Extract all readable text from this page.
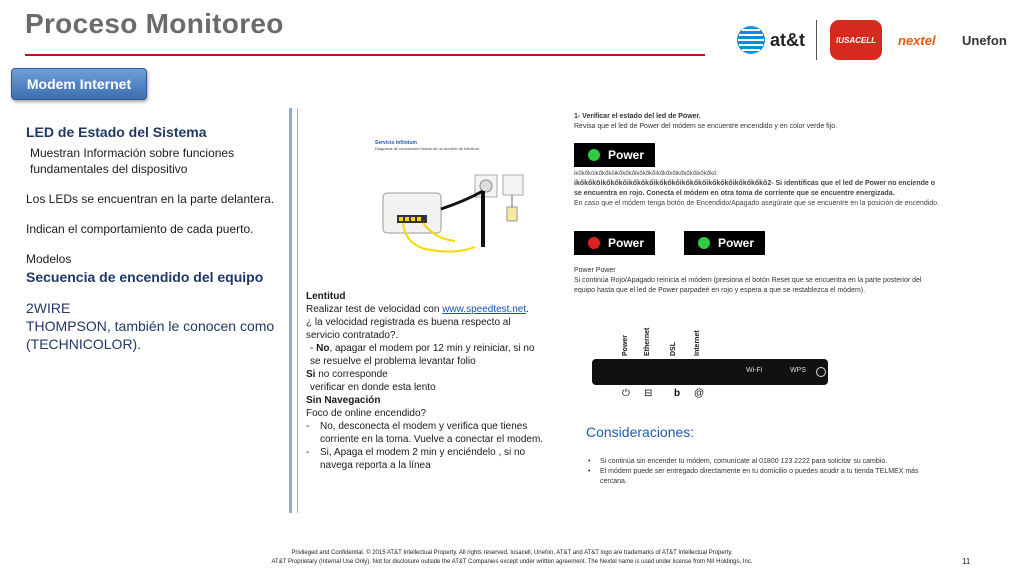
Proceso Monitoreo
at&t	IUSACELL	nextel Unefon
Modem Internet
LED de Estado del Sistema
Muestran Información sobre funciones fundamentales del dispositivo
Los LEDs se encuentran en la parte delantera.
Indican el comportamiento de cada puerto.
Modelos
Secuencia de encendido del equipo
2WIRE
THOMPSON, también le conocen como (TECHNICOLOR).
Servicio Infinitum
Diagrama de conexiones físicas de un módem de Infinitum.
Lentitud
Realizar test de velocidad con www.speedtest.net.
¿ la velocidad registrada es buena respecto al servicio contratado?.
- No, apagar el modem por 12 min y reiniciar, si no se resuelve el problema levantar folio
Si no corresponde
verificar en donde esta lento
Sin Navegación
Foco de online encendido?
-	No, desconecta el modem y verifica que tienes corriente en la toma. Vuelve a conectar el modem.
-	Si, Apaga el modem 2 min y enciéndelo , si no navega reporta a la línea
1- Verificar el estado del led de Power.
Revisa que el led de Power del módem se encuentre encendido y en color verde fijo.
Power
ikőkőköikőkőköikőkőkőikőkőkőikőkőkőikőkőkőikőkőkö
ikőkőköikőkőkőikőkőkőikőkőkőikőkőkőikőkőkőikőkőkőkő2- Si identificas que el led de Power no enciende o se encuentra en rojo. Conecta el módem en otra toma de corriente que se encuentre energizada.
En caso que el módem tenga botón de Encendido/Apagado asegúrate que se encuentre en la posición de encendido.
Power	Power
Power Power
Si continúa Rojo/Apagado reinicia el módem (presiona el botón Reset que se encuentra en la parte posterior del equipo hasta que el led de Power parpadeé en rojo y espera a que se restablezca el módem).
Power Ethernet	DSL Internet
Wi-Fi	WPS
⏻ ⊟ b @
Consideraciones:
•	Si continúa sin encender tu módem, comunícate al 01800 123 2222 para solicitar su cambio.
•	El módem puede ser entregado directamente en tu domicilio o puedes acudir a tu tienda TELMEX más cercana.
Privileged and Confidential. © 2015 AT&T Intellectual Property. All rights reserved. Iusacell, Unefon, AT&T and AT&T logo are trademarks of AT&T Intellectual Property.
AT&T Proprietary (Internal Use Only). Not for disclosure outside the AT&T Companies except under written agreement. The Nextel name is used under license from NII Holdings, Inc.	11
